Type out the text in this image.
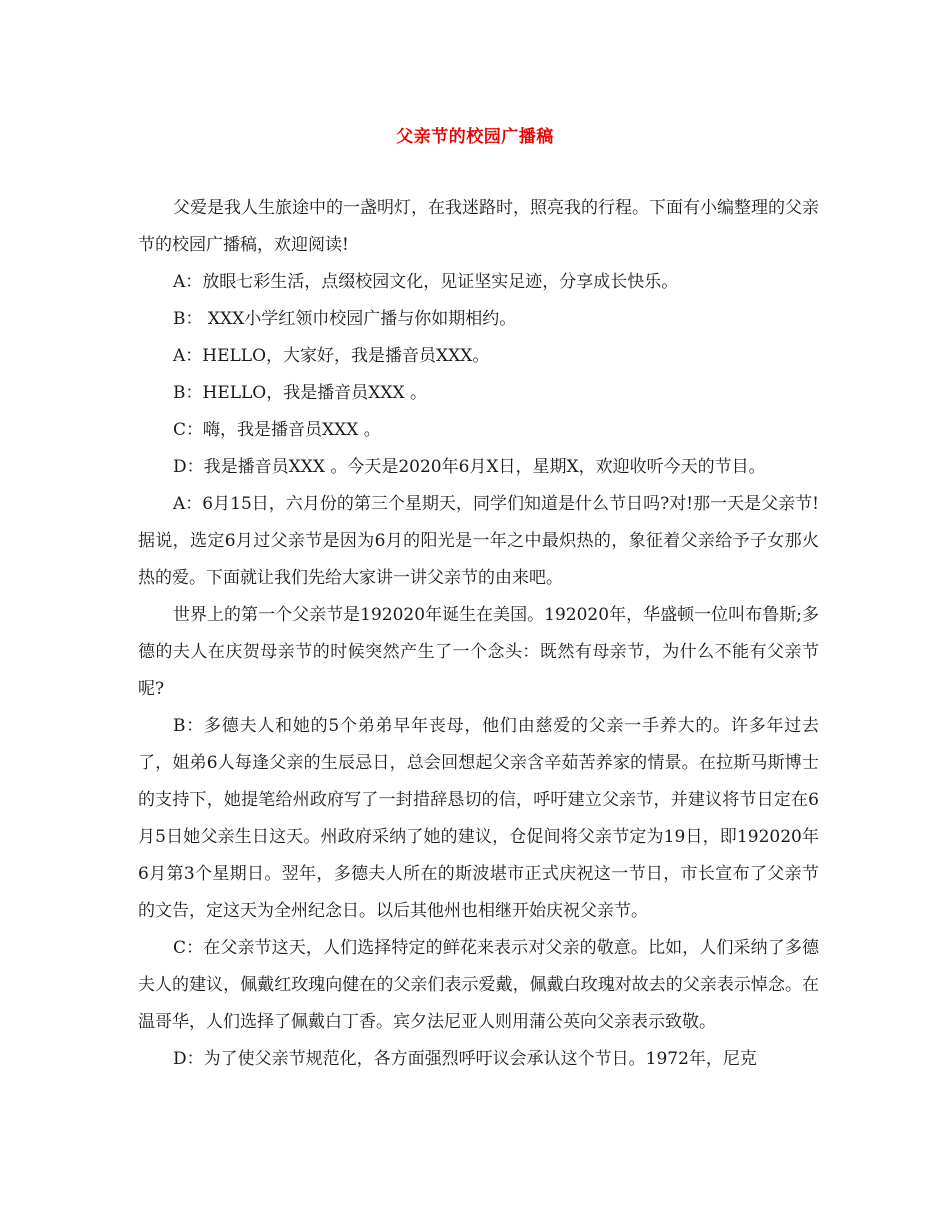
父亲节的校园广播稿

父爱是我人生旅途中的一盏明灯，在我迷路时，照亮我的行程。下面有小编整理的父亲节的校园广播稿，欢迎阅读!

A：放眼七彩生活，点缀校园文化，见证坚实足迹，分享成长快乐。

B： XXX小学红领巾校园广播与你如期相约。

A：HELLO，大家好，我是播音员XXX。

B：HELLO，我是播音员XXX 。

C：嗨，我是播音员XXX 。

D：我是播音员XXX 。今天是2020年6月X日，星期X，欢迎收听今天的节目。

A：6月15日，六月份的第三个星期天，同学们知道是什么节日吗?对!那一天是父亲节!据说，选定6月过父亲节是因为6月的阳光是一年之中最炽热的，象征着父亲给予子女那火热的爱。下面就让我们先给大家讲一讲父亲节的由来吧。

世界上的第一个父亲节是192020年诞生在美国。192020年，华盛顿一位叫布鲁斯;多德的夫人在庆贺母亲节的时候突然产生了一个念头：既然有母亲节，为什么不能有父亲节呢?

B：多德夫人和她的5个弟弟早年丧母，他们由慈爱的父亲一手养大的。许多年过去了，姐弟6人每逢父亲的生辰忌日，总会回想起父亲含辛茹苦养家的情景。在拉斯马斯博士的支持下，她提笔给州政府写了一封措辞恳切的信，呼吁建立父亲节，并建议将节日定在6月5日她父亲生日这天。州政府采纳了她的建议，仓促间将父亲节定为19日，即192020年6月第3个星期日。翌年，多德夫人所在的斯波堪市正式庆祝这一节日，市长宣布了父亲节的文告，定这天为全州纪念日。以后其他州也相继开始庆祝父亲节。

C：在父亲节这天，人们选择特定的鲜花来表示对父亲的敬意。比如，人们采纳了多德夫人的建议，佩戴红玫瑰向健在的父亲们表示爱戴，佩戴白玫瑰对故去的父亲表示悼念。在温哥华，人们选择了佩戴白丁香。宾夕法尼亚人则用蒲公英向父亲表示致敬。

D：为了使父亲节规范化，各方面强烈呼吁议会承认这个节日。1972年，尼克
